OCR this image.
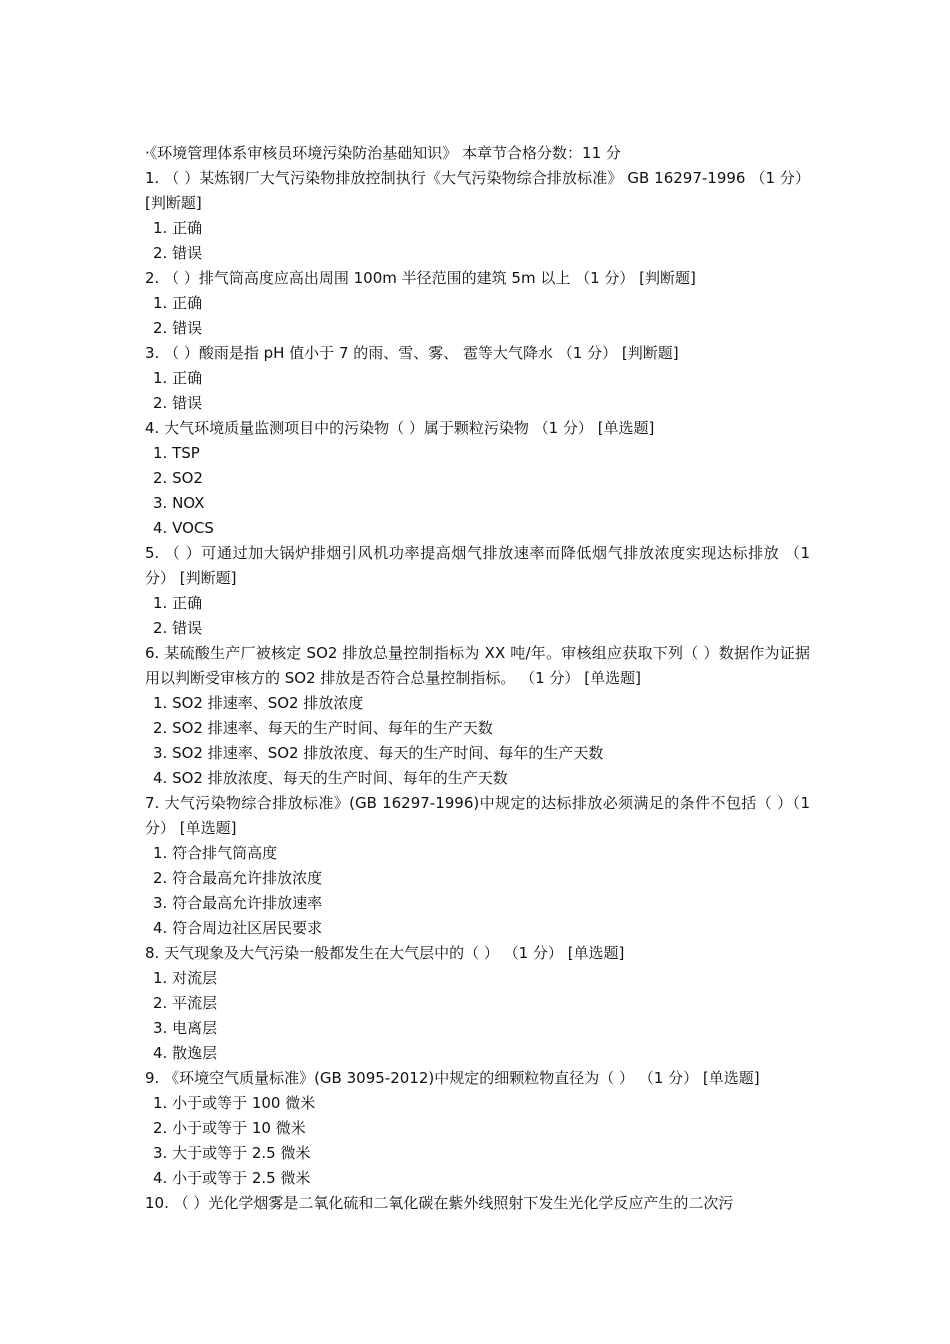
·《环境管理体系审核员环境污染防治基础知识》 本章节合格分数：11 分
1. （ ）某炼钢厂大气污染物排放控制执行《大气污染物综合排放标准》 GB 16297-1996 （1 分） [判断题]
1. 正确
2. 错误
2. （ ）排气筒高度应高出周围 100m 半径范围的建筑 5m 以上 （1 分） [判断题]
1. 正确
2. 错误
3. （ ）酸雨是指 pH 值小于 7 的雨、雪、雾、 雹等大气降水 （1 分） [判断题]
1. 正确
2. 错误
4. 大气环境质量监测项目中的污染物（ ）属于颗粒污染物 （1 分） [单选题]
1. TSP
2. SO2
3. NOX
4. VOCS
5. （ ）可通过加大锅炉排烟引风机功率提高烟气排放速率而降低烟气排放浓度实现达标排放 （1 分） [判断题]
1. 正确
2. 错误
6. 某硫酸生产厂被核定 SO2 排放总量控制指标为 XX 吨/年。审核组应获取下列（ ）数据作为证据用以判断受审核方的 SO2 排放是否符合总量控制指标。 （1 分） [单选题]
1. SO2 排速率、SO2 排放浓度
2. SO2 排速率、每天的生产时间、每年的生产天数
3. SO2 排速率、SO2 排放浓度、每天的生产时间、每年的生产天数
4. SO2 排放浓度、每天的生产时间、每年的生产天数
7. 大气污染物综合排放标准》(GB 16297-1996)中规定的达标排放必须满足的条件不包括（ ）（1 分） [单选题]
1. 符合排气筒高度
2. 符合最高允许排放浓度
3. 符合最高允许排放速率
4. 符合周边社区居民要求
8. 天气现象及大气污染一般都发生在大气层中的（ ） （1 分） [单选题]
1. 对流层
2. 平流层
3. 电离层
4. 散逸层
9. 《环境空气质量标准》(GB 3095-2012)中规定的细颗粒物直径为（ ） （1 分） [单选题]
1. 小于或等于 100 微米
2. 小于或等于 10 微米
3. 大于或等于 2.5 微米
4. 小于或等于 2.5 微米
10. （ ）光化学烟雾是二氧化硫和二氧化碳在紫外线照射下发生光化学反应产生的二次污
